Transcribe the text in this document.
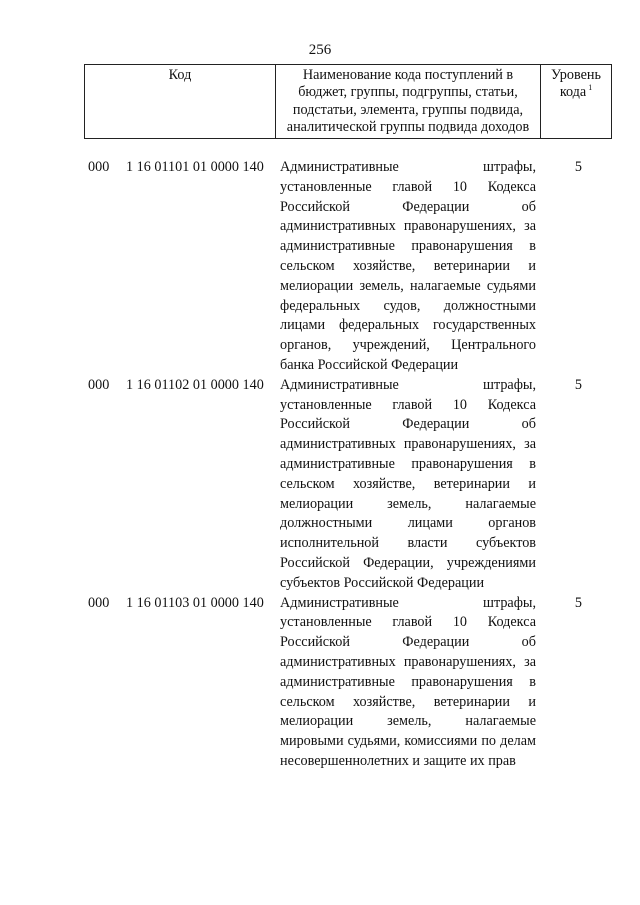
256
Код	Наименование кода поступлений в бюджет, группы, подгруппы, статьи, подстатьи, элемента, группы подвида, аналитической группы подвида доходов	Уровень кода $^1$
000 1 16 01101 01 0000 140 Административные штрафы, установленные главой 10 Кодекса Российской Федерации об административных правонарушениях, за административные правонарушения в сельском хозяйстве, ветеринарии и мелиорации земель, налагаемые судьями федеральных судов, должностными лицами федеральных государственных органов, учреждений, Центрального банка Российской Федерации
5
000 1 16 01102 01 0000 140 Административные штрафы, установленные главой 10 Кодекса Российской Федерации об административных правонарушениях, за административные правонарушения в сельском хозяйстве, ветеринарии и мелиорации земель, налагаемые должностными лицами органов исполнительной власти субъектов Российской Федерации, учреждениями субъектов Российской Федерации
5
000 1 16 01103 01 0000 140 Административные штрафы, установленные главой 10 Кодекса Российской Федерации об административных правонарушениях, за административные правонарушения в сельском хозяйстве, ветеринарии и мелиорации земель, налагаемые мировыми судьями, комиссиями по делам несовершеннолетних и защите их прав
5
